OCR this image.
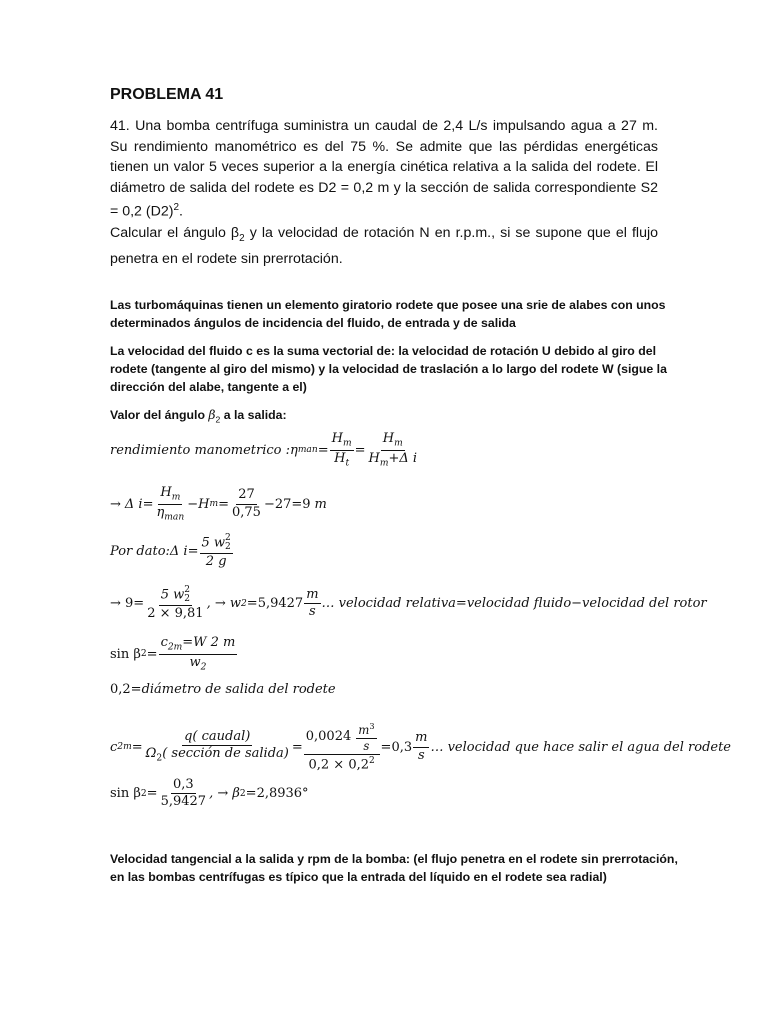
PROBLEMA 41

41. Una bomba centrífuga suministra un caudal de 2,4 L/s impulsando agua a 27 m. Su rendimiento manométrico es del 75 %. Se admite que las pérdidas energéticas tienen un valor 5 veces superior a la energía cinética relativa a la salida del rodete. El diámetro de salida del rodete es D2 = 0,2 m y la sección de salida correspondiente S2 = 0,2 $(D2)^2$.

Calcular el ángulo $\beta_2$ y la velocidad de rotación N en r.p.m., si se supone que el flujo penetra en el rodete sin prerrotación.

Las turbomáquinas tienen un elemento giratorio rodete que posee una srie de alabes con unos determinados ángulos de incidencia del fluido, de entrada y de salida

La velocidad del fluido c es la suma vectorial de: la velocidad de rotación U debido al giro del rodete (tangente al giro del mismo) y la velocidad de traslación a lo largo del rodete W (sigue la dirección del alabe, tangente a el)

Valor del ángulo $\beta_2$ a la salida:

rendimiento manometrico : η man = $\frac{H_m}{H_t} = \frac{H_m}{H_m+\Delta i}$
→ Δ $i = \frac{H_m}{\eta_{man}} - H$ $m = \frac{27}{0,75} -27=9$ m
Por dato: Δ i = 5 w 2
2
2 g
→ 9= 5 w 2
2
2 × 9,81 , → w $2 =5,9427 \frac{m}{s}$ … velocidad relativa=velocidad fluido−velocidad del rotor
sin β $2 = \frac{c_{2m}=W 2 m}{w_2}$
0,2= diámetro de salida del rodete
c $2m = \frac{\text{q( caudal)}}{\Omega_2( sección de salida)} = \frac{0,0024 \frac{m^3}{s}}{0,2 \times 0,2^2} =0,3 \frac{m}{s}$ … velocidad que hace salir el agua del rodete
sin β $2 = \frac{0,3}{5,9427}$ , → β 2 =2,8936°

Velocidad tangencial a la salida y rpm de la bomba: (el flujo penetra en el rodete sin prerrotación, en las bombas centrífugas es típico que la entrada del líquido en el rodete sea radial)
